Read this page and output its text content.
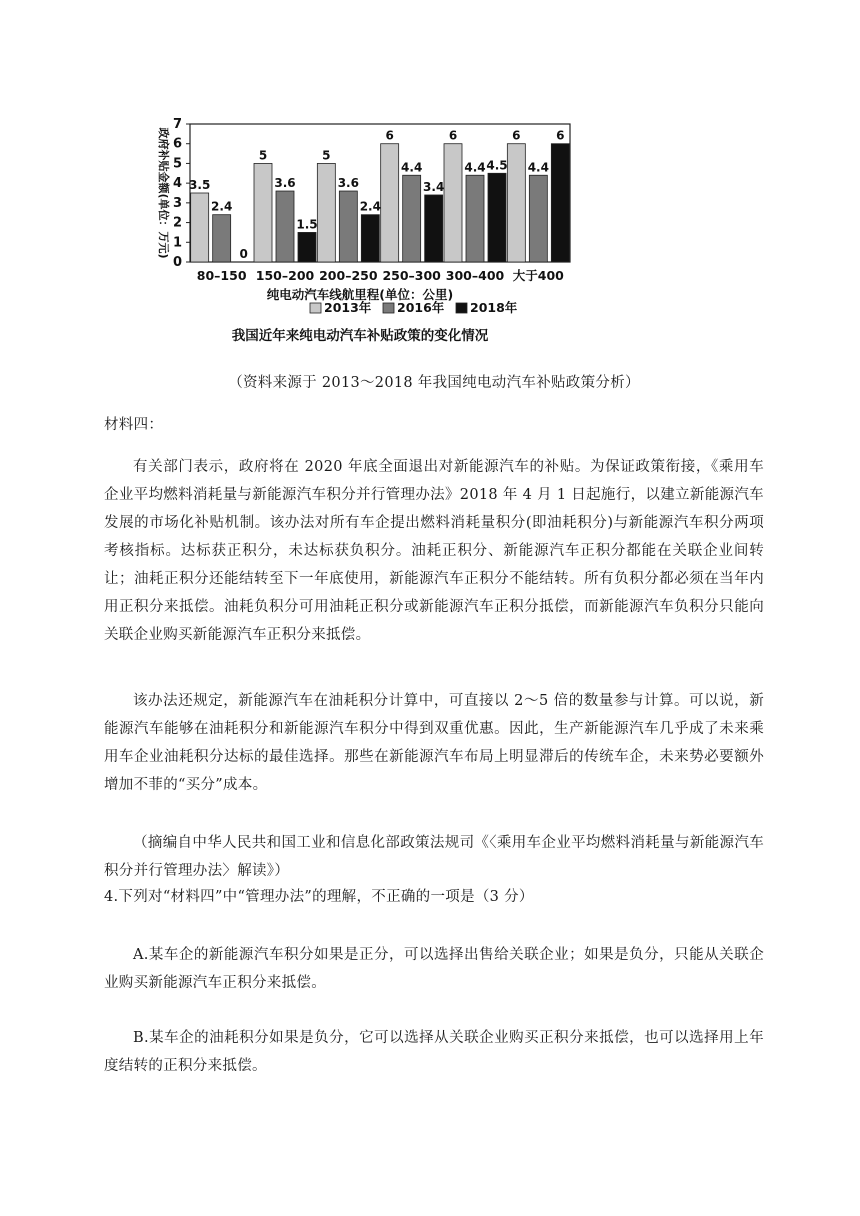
0
1
2
3
4
5
6
7
政府补贴金额(单位：万元) 3.5
2.4
0
80–150
5
3.6
1.5
150–200
5
3.6
2.4
200–250
6
4.4
3.4
250–300
6
4.4 4.5
300–400
6
4.4
6
大于400
纯电动汽车线航里程(单位：公里)
2013年 2016年 2018年
我国近年来纯电动汽车补贴政策的变化情况

（资料来源于 2013～2018 年我国纯电动汽车补贴政策分析）

材料四：

有关部门表示，政府将在 2020 年底全面退出对新能源汽车的补贴。为保证政策衔接，《乘用车企业平均燃料消耗量与新能源汽车积分并行管理办法》2018 年 4 月 1 日起施行，以建立新能源汽车发展的市场化补贴机制。该办法对所有车企提出燃料消耗量积分(即油耗积分)与新能源汽车积分两项考核指标。达标获正积分，未达标获负积分。油耗正积分、新能源汽车正积分都能在关联企业间转让；油耗正积分还能结转至下一年底使用，新能源汽车正积分不能结转。所有负积分都必须在当年内用正积分来抵偿。油耗负积分可用油耗正积分或新能源汽车正积分抵偿，而新能源汽车负积分只能向关联企业购买新能源汽车正积分来抵偿。

该办法还规定，新能源汽车在油耗积分计算中，可直接以 2～5 倍的数量参与计算。可以说，新能源汽车能够在油耗积分和新能源汽车积分中得到双重优惠。因此，生产新能源汽车几乎成了未来乘用车企业油耗积分达标的最佳选择。那些在新能源汽车布局上明显滞后的传统车企，未来势必要额外增加不菲的“买分”成本。

（摘编自中华人民共和国工业和信息化部政策法规司《〈乘用车企业平均燃料消耗量与新能源汽车积分并行管理办法〉解读》）

4.下列对“材料四”中“管理办法”的理解，不正确的一项是（3 分）

A.某车企的新能源汽车积分如果是正分，可以选择出售给关联企业；如果是负分，只能从关联企业购买新能源汽车正积分来抵偿。

B.某车企的油耗积分如果是负分，它可以选择从关联企业购买正积分来抵偿，也可以选择用上年度结转的正积分来抵偿。
